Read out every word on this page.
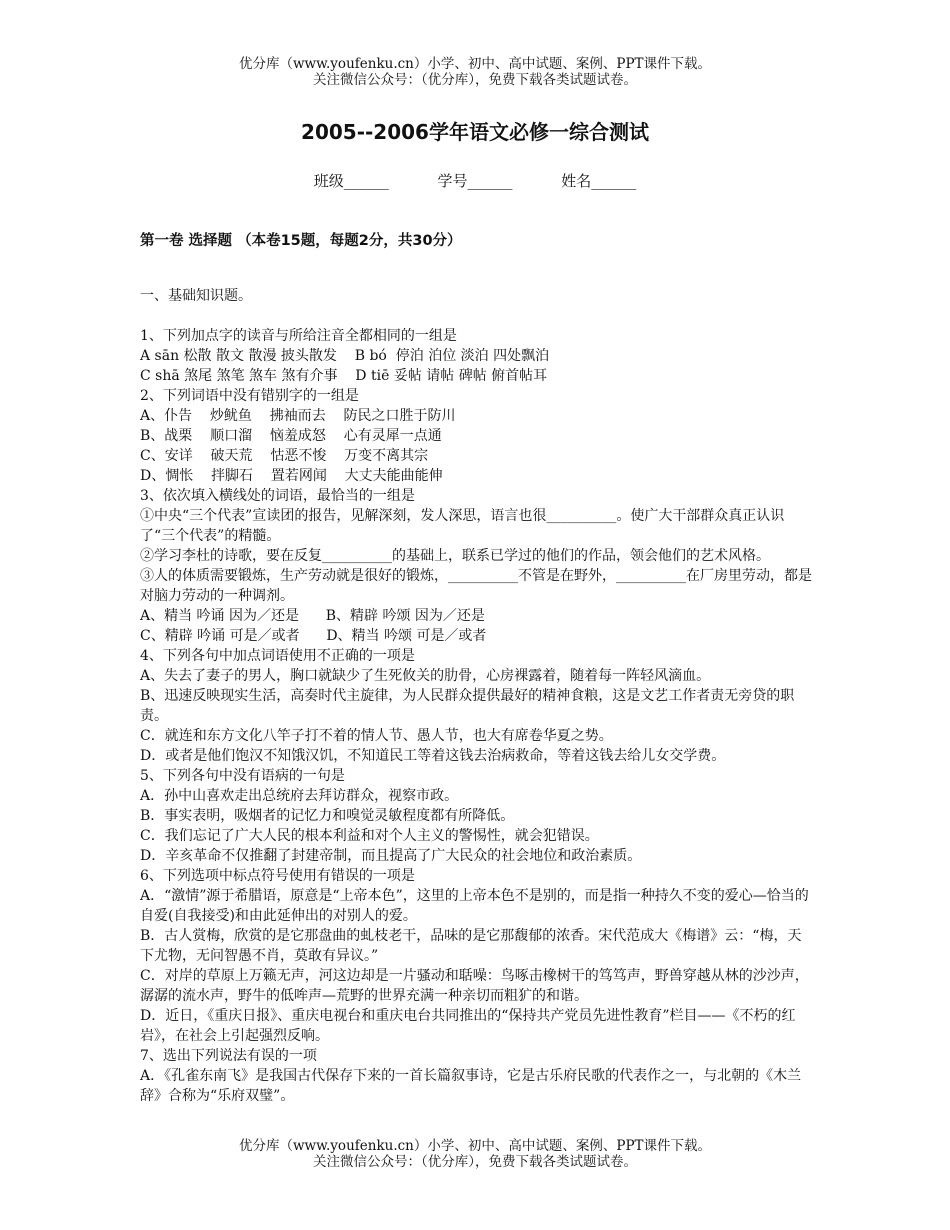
优分库（www.youfenku.cn）小学、初中、高中试题、案例、PPT课件下载。
关注微信公众号：（优分库），免费下载各类试题试卷。
2005--2006学年语文必修一综合测试
班级______	学号______	姓名______
第一卷 选择题 （本卷15题，每题2分，共30分）

一、基础知识题。

1、下列加点字的读音与所给注音全都相同的一组是

A sān 松散 散文 散漫 披头散发    B bó  停泊 泊位 淡泊 四处飘泊

C shā 煞尾 煞笔 煞车 煞有介事    D tiē 妥帖 请帖 碑帖 俯首帖耳

2、下列词语中没有错别字的一组是

A、仆告    炒鱿鱼    拂袖而去    防民之口胜于防川

B、战栗    顺口溜    恼羞成怒    心有灵犀一点通

C、安详    破天荒    怙恶不悛    万变不离其宗

D、惆怅    拌脚石    置若网闻    大丈夫能曲能伸

3、依次填入横线处的词语，最恰当的一组是

①中央“三个代表”宣读团的报告，见解深刻，发人深思，语言也很__________。使广大干部群众真正认识了“三个代表”的精髓。

②学习李杜的诗歌，要在反复__________的基础上，联系已学过的他们的作品，领会他们的艺术风格。

③人的体质需要锻炼，生产劳动就是很好的锻炼，__________不管是在野外，__________在厂房里劳动，都是对脑力劳动的一种调剂。

A、精当 吟诵 因为／还是      B、精辟 吟颂 因为／还是

C、精辟 吟诵 可是／或者      D、精当 吟颂 可是／或者

4、下列各句中加点词语使用不正确的一项是

A、失去了妻子的男人，胸口就缺少了生死攸关的肋骨，心房裸露着，随着每一阵轻风滴血。

B、迅速反映现实生活，高奏时代主旋律，为人民群众提供最好的精神食粮，这是文艺工作者责无旁贷的职责。

C．就连和东方文化八竿子打不着的情人节、愚人节，也大有席卷华夏之势。

D．或者是他们饱汉不知饿汉饥，不知道民工等着这钱去治病救命，等着这钱去给儿女交学费。

5、下列各句中没有语病的一句是

A．孙中山喜欢走出总统府去拜访群众，视察市政。

B．事实表明，吸烟者的记忆力和嗅觉灵敏程度都有所降低。

C．我们忘记了广大人民的根本利益和对个人主义的警惕性，就会犯错误。

D．辛亥革命不仅推翻了封建帝制，而且提高了广大民众的社会地位和政治素质。

6、下列选项中标点符号使用有错误的一项是

A．“激情”源于希腊语，原意是“上帝本色”，这里的上帝本色不是别的，而是指一种持久不变的爱心—恰当的自爱(自我接受)和由此延伸出的对别人的爱。

B．古人赏梅，欣赏的是它那盘曲的虬枝老干，品味的是它那馥郁的浓香。宋代范成大《梅谱》云：“梅，天下尤物，无问智愚不肖，莫敢有异议。”

C．对岸的草原上万籁无声，河这边却是一片骚动和聒噪：鸟啄击橡树干的笃笃声，野兽穿越从林的沙沙声，潺潺的流水声，野牛的低哞声—荒野的世界充满一种亲切而粗犷的和谐。

D．近日，《重庆日报》、重庆电视台和重庆电台共同推出的“保持共产党员先进性教育”栏目——《不朽的红岩》，在社会上引起强烈反响。

7、选出下列说法有误的一项

A．《孔雀东南飞》是我国古代保存下来的一首长篇叙事诗，它是古乐府民歌的代表作之一，与北朝的《木兰辞》合称为“乐府双璧”。

优分库（www.youfenku.cn）小学、初中、高中试题、案例、PPT课件下载。
关注微信公众号：（优分库），免费下载各类试题试卷。
